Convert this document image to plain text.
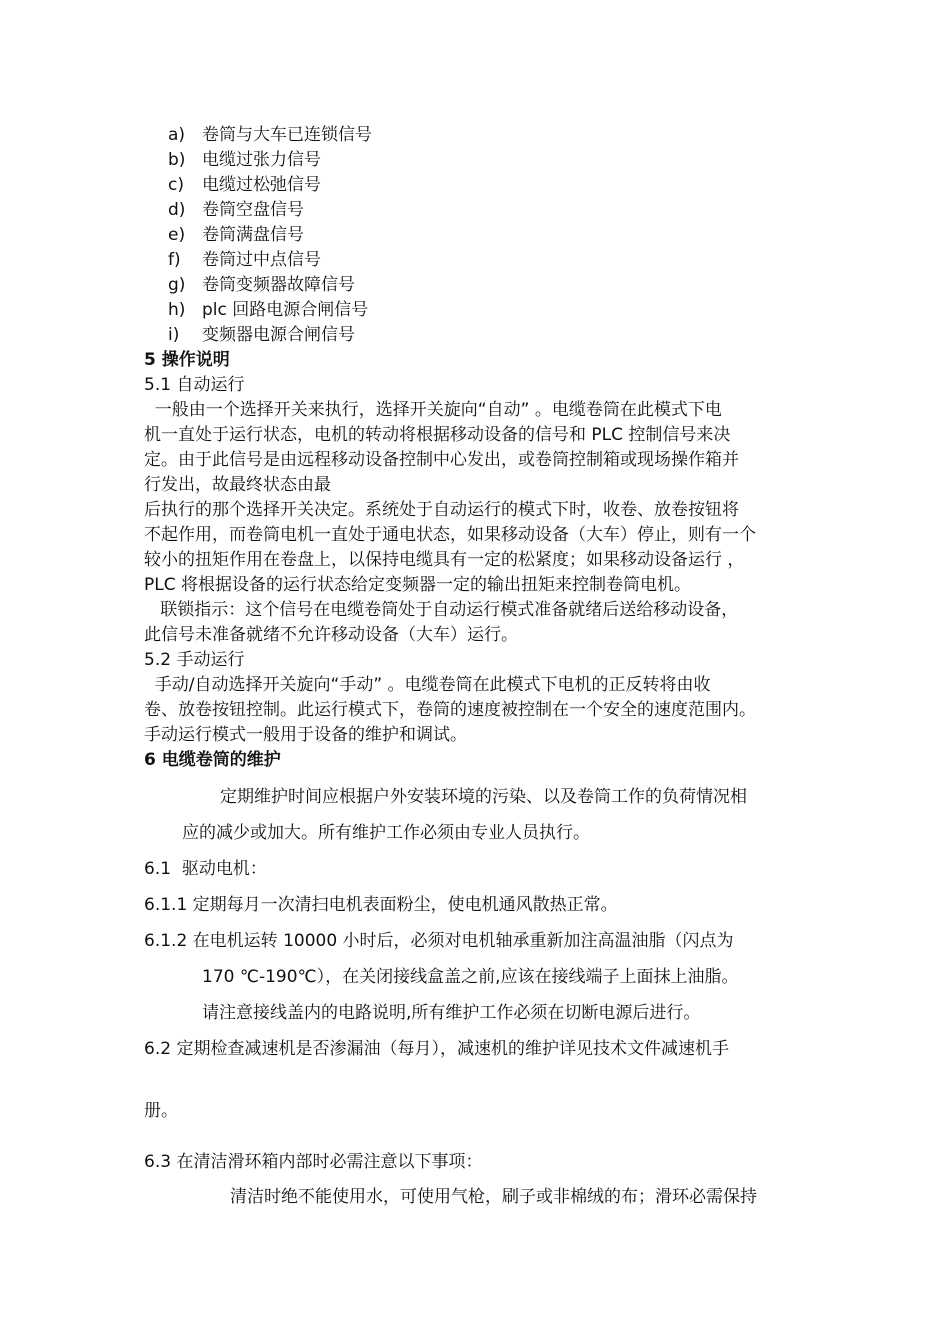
a) 卷筒与大车已连锁信号
b) 电缆过张力信号
c) 电缆过松弛信号
d) 卷筒空盘信号
e) 卷筒满盘信号
f) 卷筒过中点信号
g) 卷筒变频器故障信号
h) plc 回路电源合闸信号
i) 变频器电源合闸信号
5 操作说明
5.1 自动运行
一般由一个选择开关来执行，选择开关旋向“自动” 。电缆卷筒在此模式下电
机一直处于运行状态，电机的转动将根据移动设备的信号和 PLC 控制信号来决
定。由于此信号是由远程移动设备控制中心发出，或卷筒控制箱或现场操作箱并
行发出，故最终状态由最
后执行的那个选择开关决定。系统处于自动运行的模式下时，收卷、放卷按钮将
不起作用，而卷筒电机一直处于通电状态，如果移动设备（大车）停止，则有一个
较小的扭矩作用在卷盘上，以保持电缆具有一定的松紧度；如果移动设备运行 ，
PLC 将根据设备的运行状态给定变频器一定的输出扭矩来控制卷筒电机。
联锁指示：这个信号在电缆卷筒处于自动运行模式准备就绪后送给移动设备，
此信号未准备就绪不允许移动设备（大车）运行。
5.2 手动运行
手动/自动选择开关旋向“手动” 。电缆卷筒在此模式下电机的正反转将由收
卷、放卷按钮控制。此运行模式下，卷筒的速度被控制在一个安全的速度范围内。
手动运行模式一般用于设备的维护和调试。
6 电缆卷筒的维护
定期维护时间应根据户外安装环境的污染、以及卷筒工作的负荷情况相
应的减少或加大。所有维护工作必须由专业人员执行。
6.1  驱动电机：
6.1.1 定期每月一次清扫电机表面粉尘，使电机通风散热正常。
6.1.2 在电机运转 10000 小时后，必须对电机轴承重新加注高温油脂（闪点为
170 ℃-190℃），在关闭接线盒盖之前,应该在接线端子上面抹上油脂。
请注意接线盖内的电路说明,所有维护工作必须在切断电源后进行。
6.2 定期检查减速机是否渗漏油（每月），减速机的维护详见技术文件减速机手
册。
6.3 在清洁滑环箱内部时必需注意以下事项：
清洁时绝不能使用水，可使用气枪，刷子或非棉绒的布；滑环必需保持
